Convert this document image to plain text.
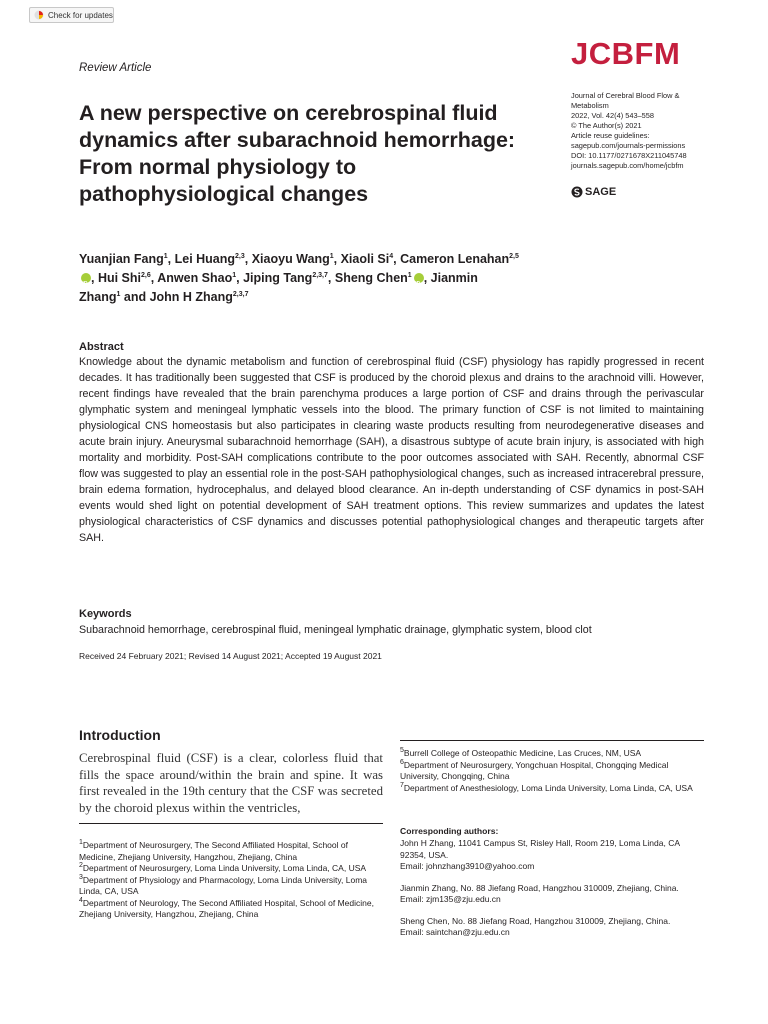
Check for updates
Review Article	JCBFM
Journal of Cerebral Blood Flow &
Metabolism
2022, Vol. 42(4) 543–558
© The Author(s) 2021
Article reuse guidelines:
sagepub.com/journals-permissions
DOI: 10.1177/0271678X211045748
journals.sagepub.com/home/jcbfm
SAGE
A new perspective on cerebrospinal fluid dynamics after subarachnoid hemorrhage: From normal physiology to pathophysiological changes
Yuanjian Fang$^1$, Lei Huang$^{2,3}$, Xiaoyu Wang$^1$, Xiaoli Si$^4$, Cameron Lenahan$^{2,5}$iD, Hui Shi$^{2,6}$, Anwen Shao$^1$, Jiping Tang$^{2,3,7}$, Sheng Chen$^1$iD , Jianmin Zhang$^1$ and John H Zhang$^{2,3,7}$
Abstract
Knowledge about the dynamic metabolism and function of cerebrospinal fluid (CSF) physiology has rapidly progressed in recent decades. It has traditionally been suggested that CSF is produced by the choroid plexus and drains to the arachnoid villi. However, recent findings have revealed that the brain parenchyma produces a large portion of CSF and drains through the perivascular glymphatic system and meningeal lymphatic vessels into the blood. The primary function of CSF is not limited to maintaining physiological CNS homeostasis but also participates in clearing waste products resulting from neurodegenerative diseases and acute brain injury. Aneurysmal subarachnoid hemorrhage (SAH), a disastrous subtype of acute brain injury, is associated with high mortality and morbidity. Post-SAH complications contribute to the poor outcomes associated with SAH. Recently, abnormal CSF flow was suggested to play an essential role in the post-SAH pathophysiological changes, such as increased intracerebral pressure, brain edema formation, hydrocephalus, and delayed blood clearance. An in-depth understanding of CSF dynamics in post-SAH events would shed light on potential development of SAH treatment options. This review summarizes and updates the latest physiological characteristics of CSF dynamics and discusses potential pathophysiological changes and therapeutic targets after SAH.
Keywords
Subarachnoid hemorrhage, cerebrospinal fluid, meningeal lymphatic drainage, glymphatic system, blood clot
Received 24 February 2021; Revised 14 August 2021; Accepted 19 August 2021
Introduction
Cerebrospinal fluid (CSF) is a clear, colorless fluid that fills the space around/within the brain and spine. It was first revealed in the 19th century that the CSF was secreted by the choroid plexus within the ventricles,

$^1$Department of Neurosurgery, The Second Affiliated Hospital, School of Medicine, Zhejiang University, Hangzhou, Zhejiang, China

$^2$Department of Neurosurgery, Loma Linda University, Loma Linda, CA, USA

$^3$Department of Physiology and Pharmacology, Loma Linda University, Loma Linda, CA, USA

$^4$Department of Neurology, The Second Affiliated Hospital, School of Medicine, Zhejiang University, Hangzhou, Zhejiang, China

$^5$Burrell College of Osteopathic Medicine, Las Cruces, NM, USA

$^6$Department of Neurosurgery, Yongchuan Hospital, Chongqing Medical University, Chongqing, China

$^7$Department of Anesthesiology, Loma Linda University, Loma Linda, CA, USA

Corresponding authors:
John H Zhang, 11041 Campus St, Risley Hall, Room 219, Loma Linda, CA 92354, USA.
Email: johnzhang3910@yahoo.com
Jianmin Zhang, No. 88 Jiefang Road, Hangzhou 310009, Zhejiang, China.
Email: zjm135@zju.edu.cn
Sheng Chen, No. 88 Jiefang Road, Hangzhou 310009, Zhejiang, China.
Email: saintchan@zju.edu.cn
